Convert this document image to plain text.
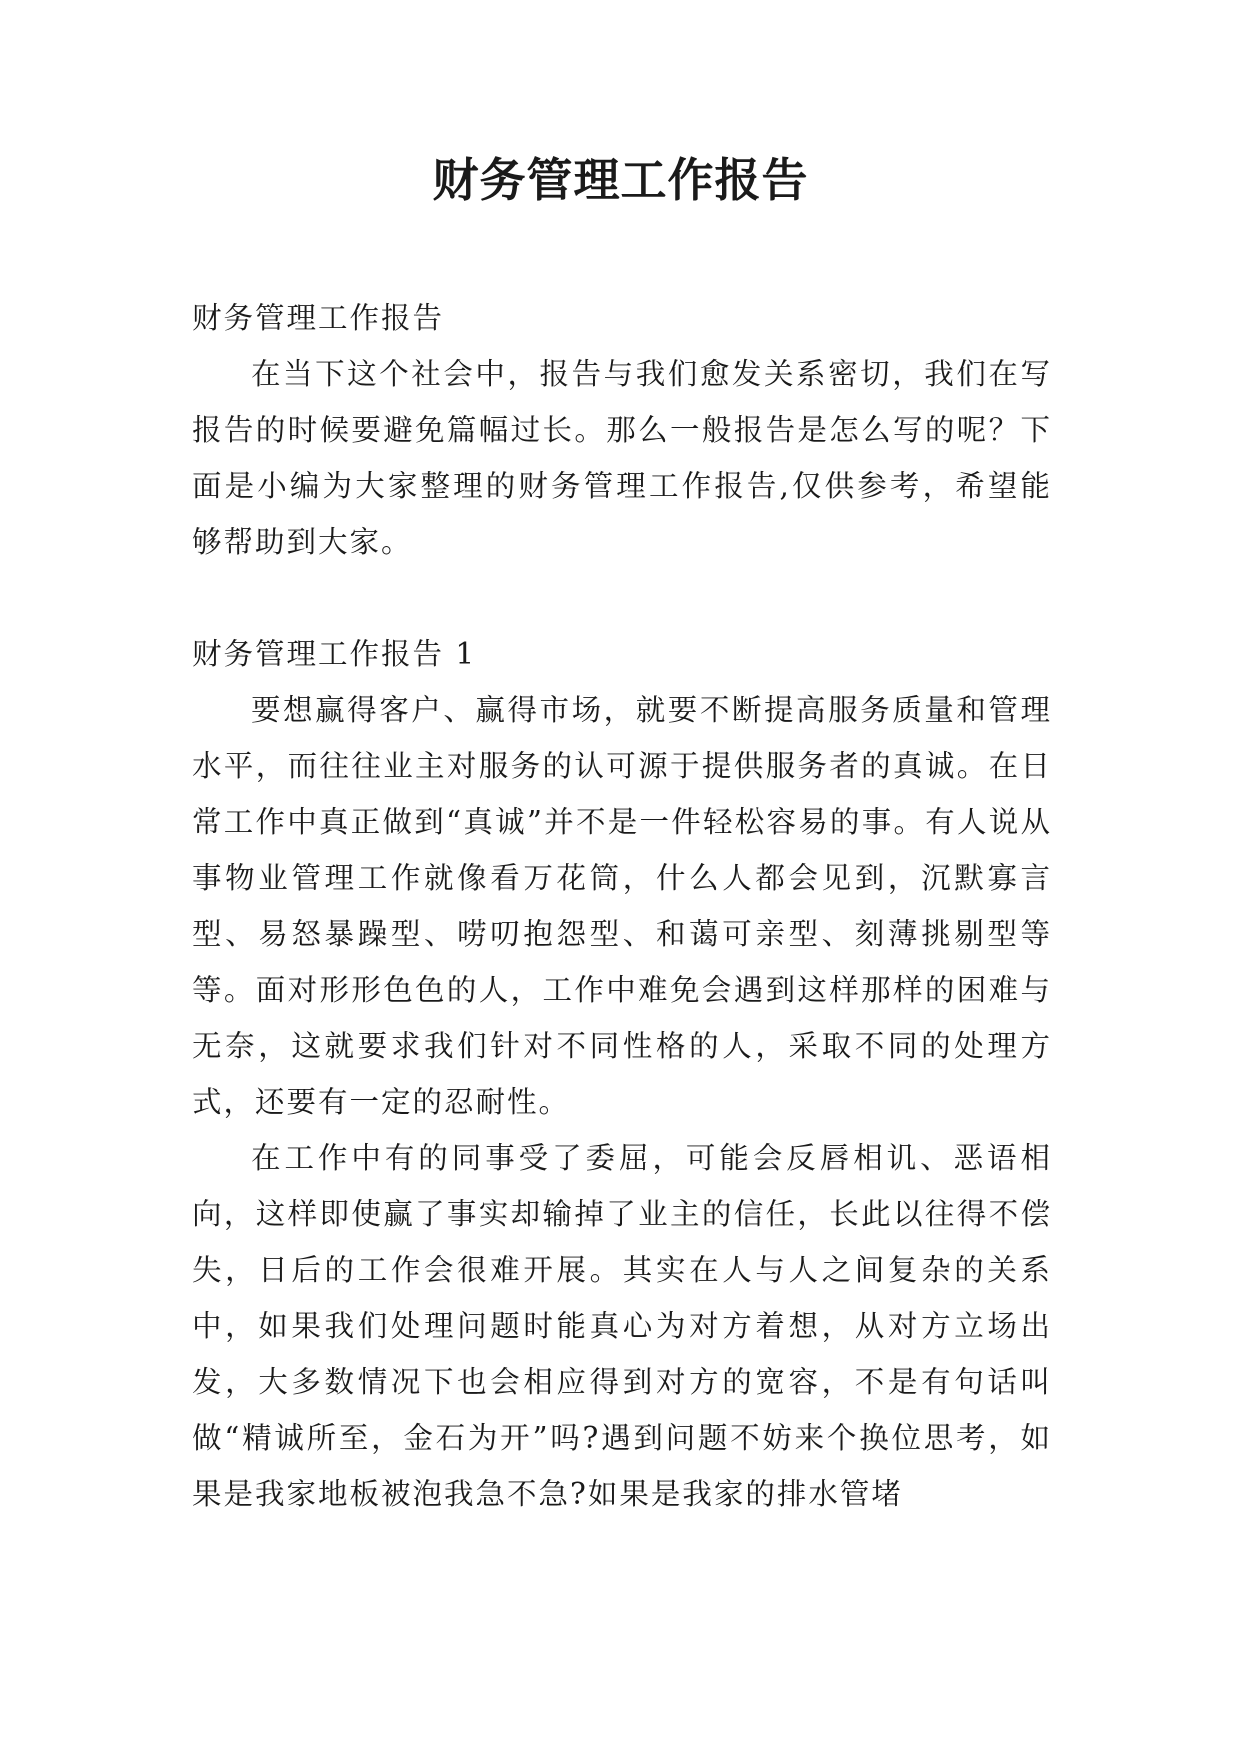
财务管理工作报告

财务管理工作报告

在当下这个社会中，报告与我们愈发关系密切，我们在写报告的时候要避免篇幅过长。那么一般报告是怎么写的呢？下面是小编为大家整理的财务管理工作报告,仅供参考，希望能够帮助到大家。

财务管理工作报告 1

要想赢得客户、赢得市场，就要不断提高服务质量和管理水平，而往往业主对服务的认可源于提供服务者的真诚。在日常工作中真正做到“真诚”并不是一件轻松容易的事。有人说从事物业管理工作就像看万花筒，什么人都会见到，沉默寡言型、易怒暴躁型、唠叨抱怨型、和蔼可亲型、刻薄挑剔型等等。面对形形色色的人，工作中难免会遇到这样那样的困难与无奈，这就要求我们针对不同性格的人，采取不同的处理方式，还要有一定的忍耐性。

在工作中有的同事受了委屈，可能会反唇相讥、恶语相向，这样即使赢了事实却输掉了业主的信任，长此以往得不偿失，日后的工作会很难开展。其实在人与人之间复杂的关系中，如果我们处理问题时能真心为对方着想，从对方立场出发，大多数情况下也会相应得到对方的宽容，不是有句话叫做“精诚所至，金石为开”吗?遇到问题不妨来个换位思考，如果是我家地板被泡我急不急?如果是我家的排水管堵
